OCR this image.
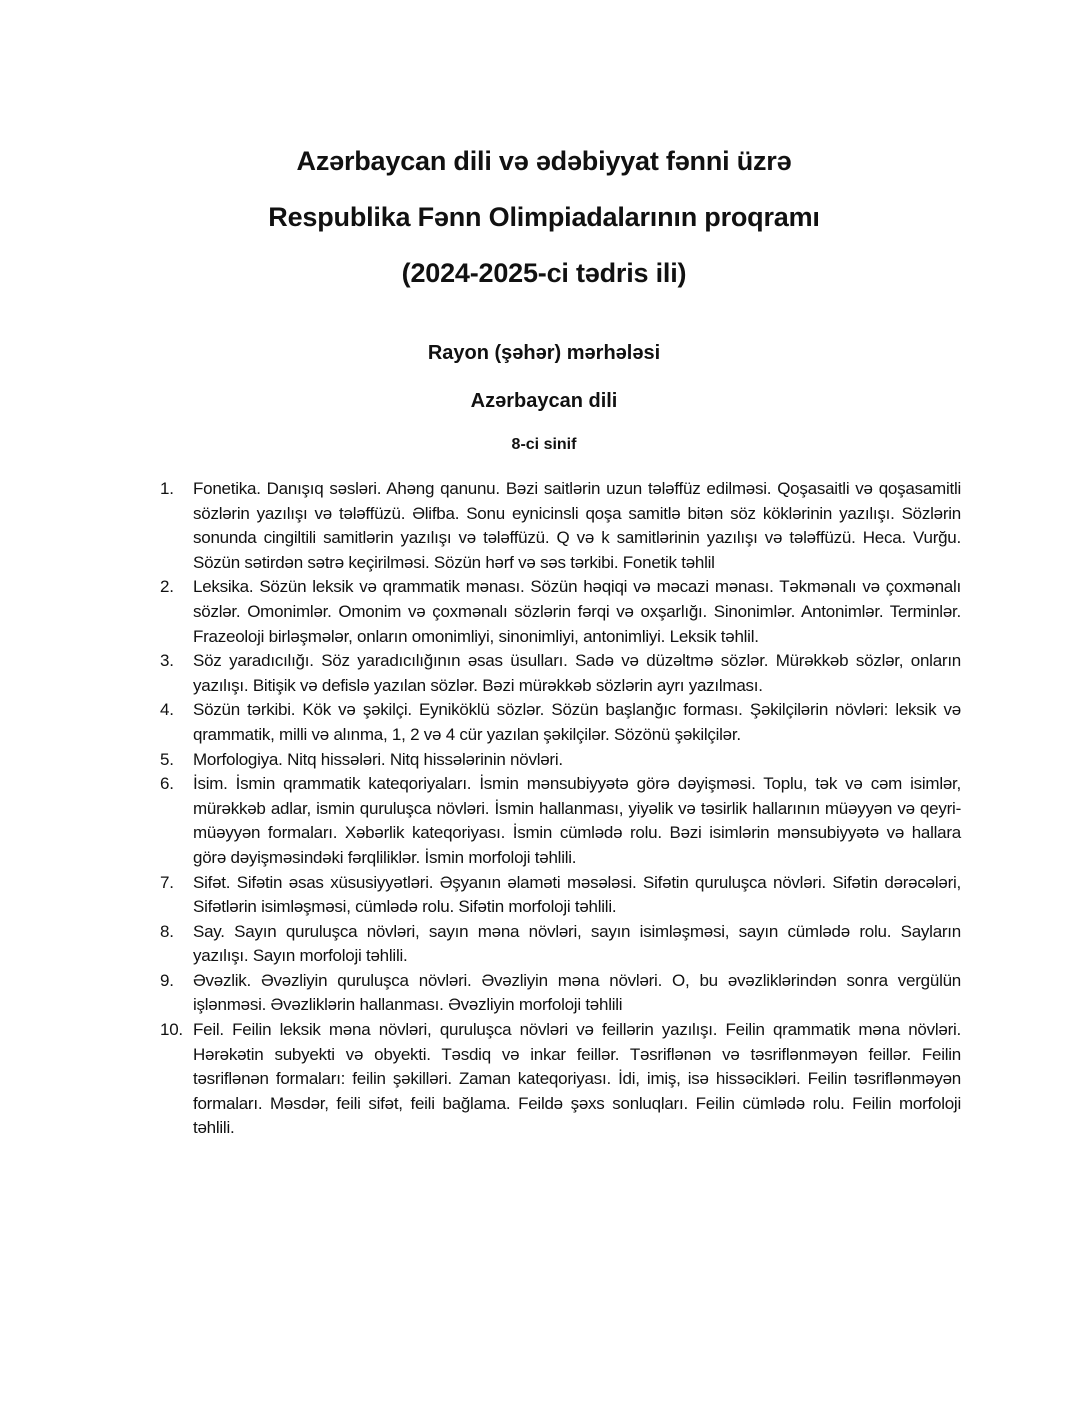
Azərbaycan dili və ədəbiyyat fənni üzrə
Respublika Fənn Olimpiadalarının proqramı
(2024-2025-ci tədris ili)
Rayon (şəhər) mərhələsi
Azərbaycan dili
8-ci sinif
1. Fonetika. Danışıq səsləri. Ahəng qanunu. Bəzi saitlərin uzun tələffüz edilməsi. Qoşasaitli və qoşasamitli sözlərin yazılışı və tələffüzü. Əlifba. Sonu eynicinsli qoşa samitlə bitən söz köklərinin yazılışı. Sözlərin sonunda cingiltili samitlərin yazılışı və tələffüzü. Q və k samitlərinin yazılışı və tələffüzü. Heca. Vurğu. Sözün sətirdən sətrə keçirilməsi. Sözün hərf və səs tərkibi. Fonetik təhlil
2. Leksika. Sözün leksik və qrammatik mənası. Sözün həqiqi və məcazi mənası. Təkmənalı və çoxmənalı sözlər. Omonimlər. Omonim və çoxmənalı sözlərin fərqi və oxşarlığı. Sinonimlər. Antonimlər. Terminlər. Frazeoloji birləşmələr, onların omonimliyi, sinonimliyi, antonimliyi. Leksik təhlil.
3. Söz yaradıcılığı. Söz yaradıcılığının əsas üsulları. Sadə və düzəltmə sözlər. Mürəkkəb sözlər, onların yazılışı. Bitişik və defislə yazılan sözlər. Bəzi mürəkkəb sözlərin ayrı yazılması.
4. Sözün tərkibi. Kök və şəkilçi. Eyniköklü sözlər. Sözün başlanğıc forması. Şəkilçilərin növləri: leksik və qrammatik, milli və alınma, 1, 2 və 4 cür yazılan şəkilçilər. Sözönü şəkilçilər.
5. Morfologiya. Nitq hissələri. Nitq hissələrinin növləri.
6. İsim. İsmin qrammatik kateqoriyaları. İsmin mənsubiyyətə görə dəyişməsi. Toplu, tək və cəm isimlər, mürəkkəb adlar, ismin quruluşca növləri. İsmin hallanması, yiyəlik və təsirlik hallarının müəyyən və qeyri-müəyyən formaları. Xəbərlik kateqoriyası. İsmin cümlədə rolu. Bəzi isimlərin mənsubiyyətə və hallara görə dəyişməsindəki fərqliliklər. İsmin morfoloji təhlili.
7. Sifət. Sifətin əsas xüsusiyyətləri. Əşyanın əlaməti məsələsi. Sifətin quruluşca növləri. Sifətin dərəcələri, Sifətlərin isimləşməsi, cümlədə rolu. Sifətin morfoloji təhlili.
8. Say. Sayın quruluşca növləri, sayın məna növləri, sayın isimləşməsi, sayın cümlədə rolu. Sayların yazılışı. Sayın morfoloji təhlili.
9. Əvəzlik. Əvəzliyin quruluşca növləri. Əvəzliyin məna növləri. O, bu əvəzliklərindən sonra vergülün işlənməsi. Əvəzliklərin hallanması. Əvəzliyin morfoloji təhlili
10. Feil. Feilin leksik məna növləri, quruluşca növləri və feillərin yazılışı. Feilin qrammatik məna növləri. Hərəkətin subyekti və obyekti. Təsdiq və inkar feillər. Təsriflənən və təsriflənməyən feillər. Feilin təsriflənən formaları: feilin şəkilləri. Zaman kateqoriyası. İdi, imiş, isə hissəcikləri. Feilin təsriflənməyən formaları. Məsdər, feili sifət, feili bağlama. Feildə şəxs sonluqları. Feilin cümlədə rolu. Feilin morfoloji təhlili.
